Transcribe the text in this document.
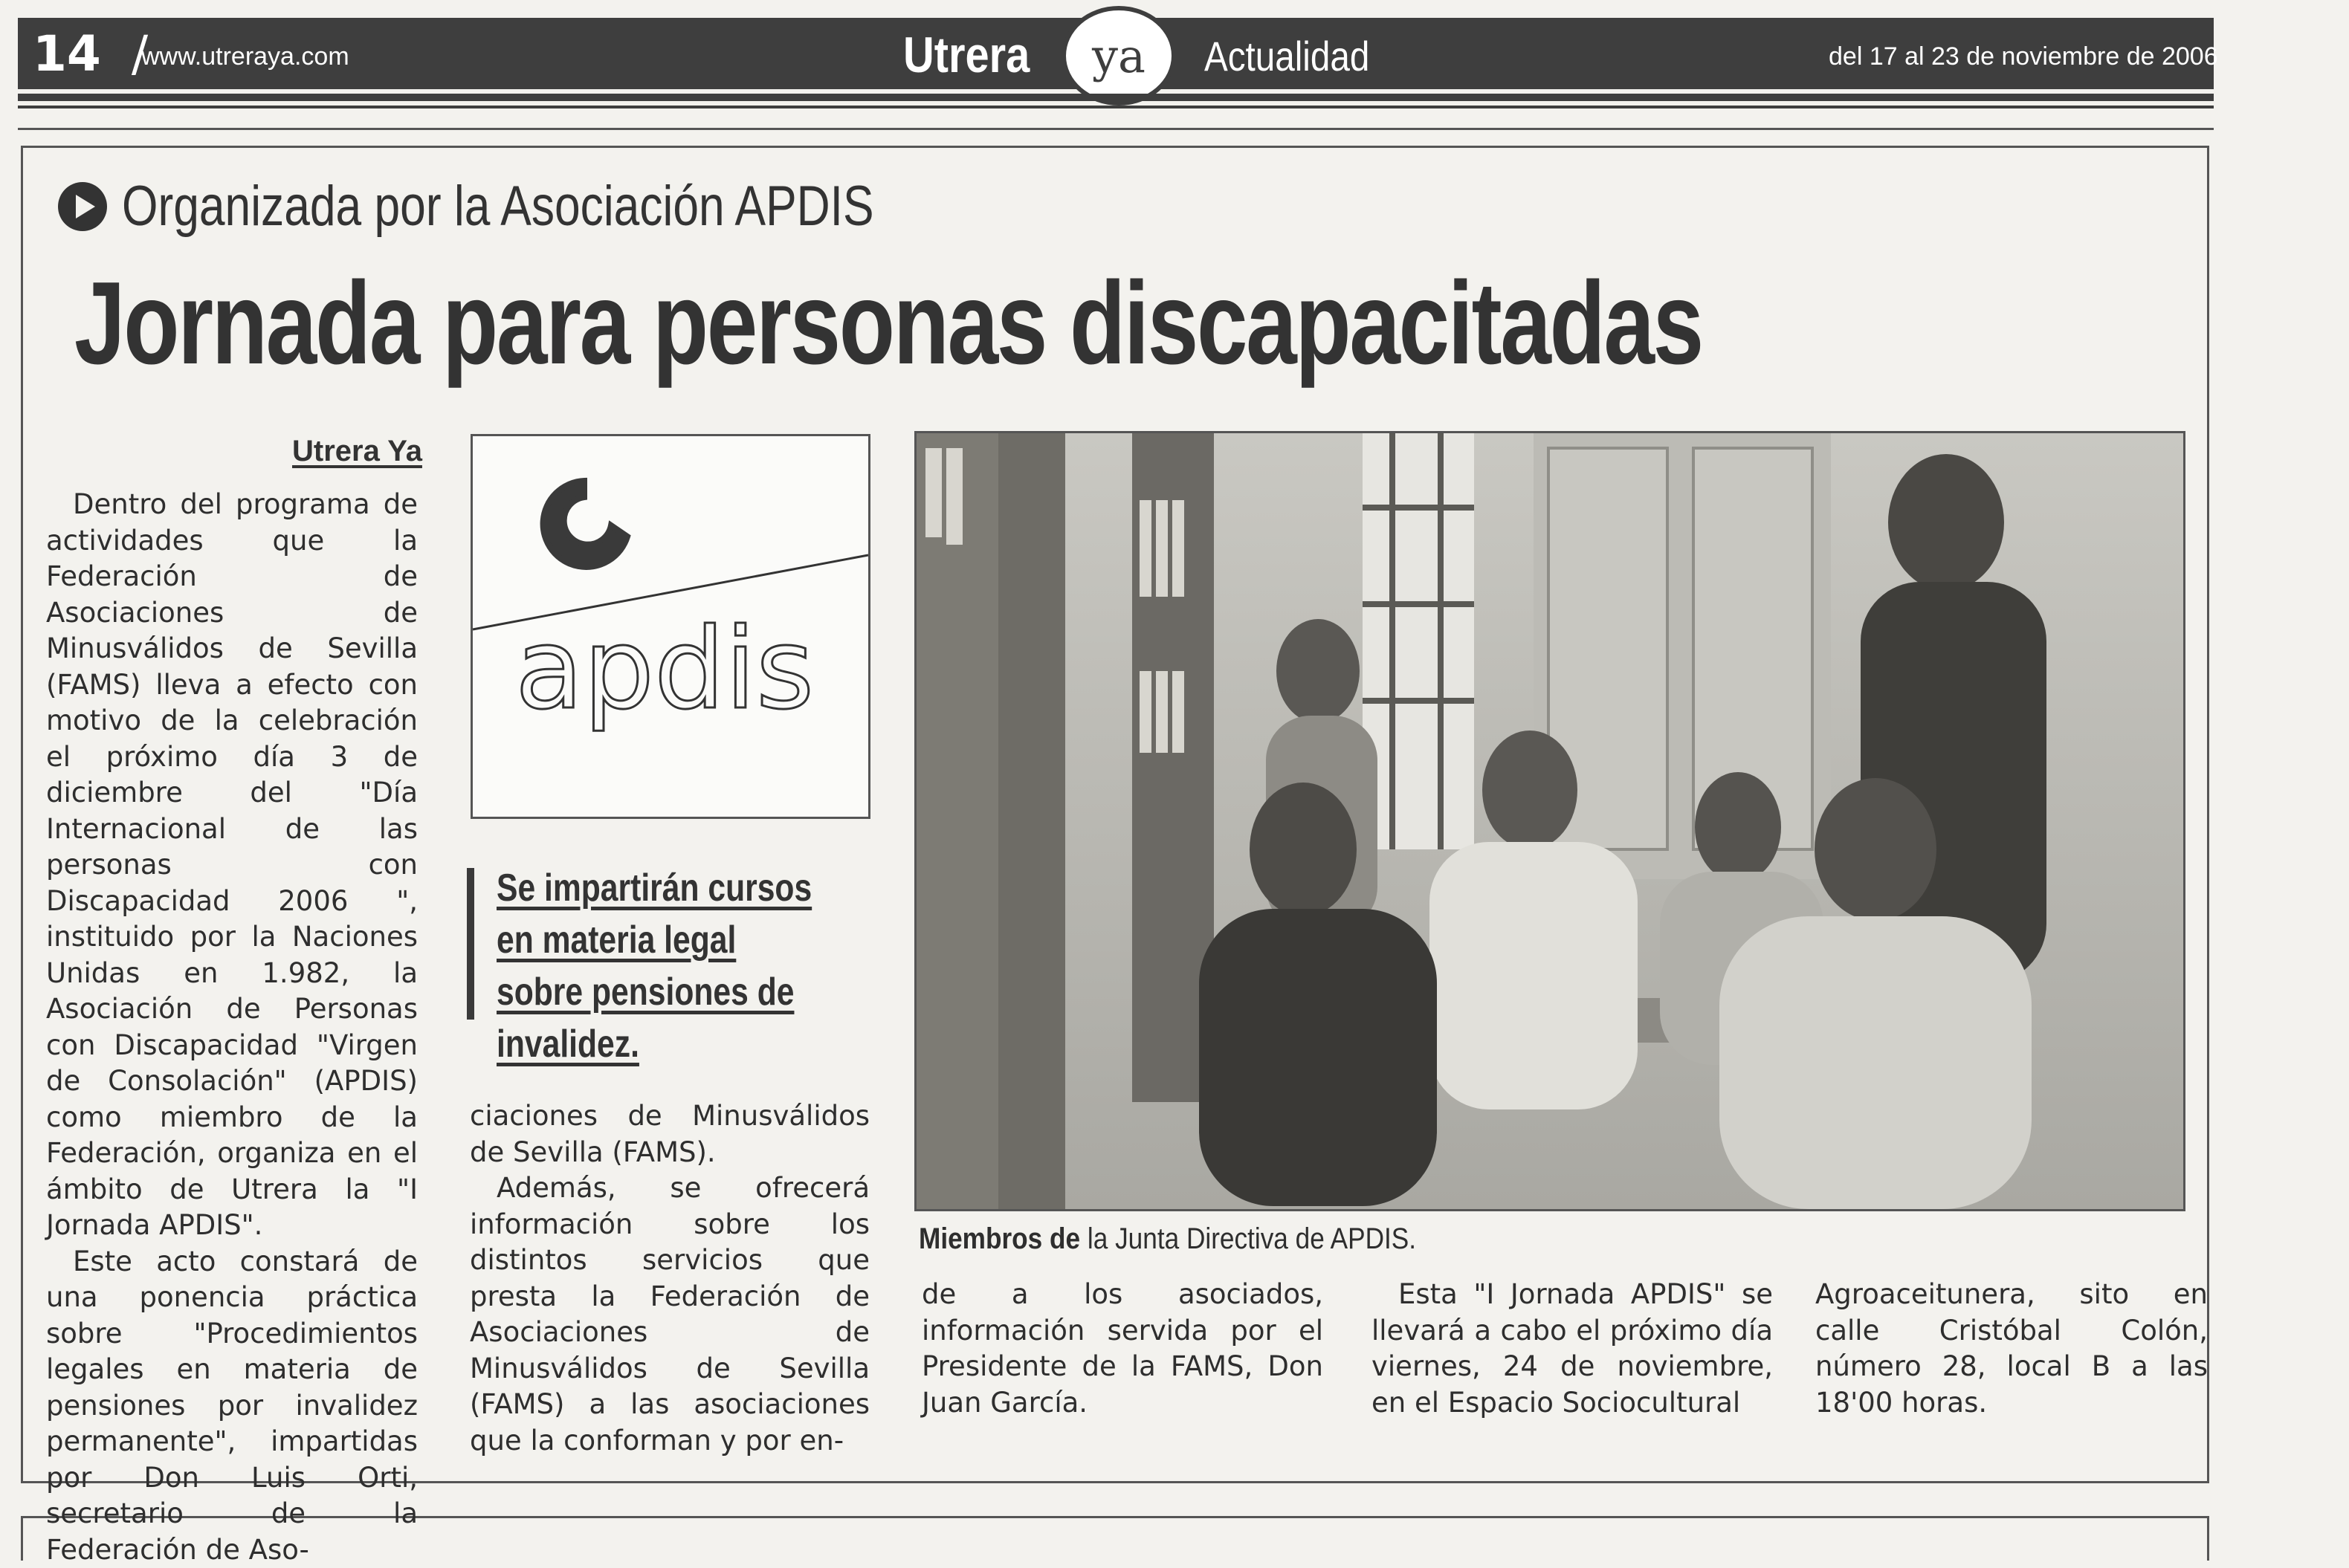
14 /
www.utreraya.com	Utrera ya Actualidad	del 17 al 23 de noviembre de 2006
Organizada por la Asociación APDIS
Jornada para personas discapacitadas
Utrera Ya

Dentro del programa de actividades que la Federación de Asociaciones de Minusválidos de Sevilla (FAMS) lleva a efecto con motivo de la celebración el próximo día 3 de diciembre del "Día Internacional de las personas con Discapacidad 2006 ", instituido por la Naciones Unidas en 1.982, la Asociación de Personas con Discapacidad "Virgen de Consolación" (APDIS) como miembro de la Federación, organiza en el ámbito de Utrera la "I Jornada APDIS".

Este acto constará de una ponencia práctica sobre "Procedimientos legales en materia de pensiones por invalidez permanente", impartidas por Don Luis Orti, secretario de la Federación de Aso-

apdis
Se impartirán cursos en materia legal sobre pensiones de invalidez.

ciaciones de Minusválidos de Sevilla (FAMS).

Además, se ofrecerá información sobre los distintos servicios que presta la Federación de Asociaciones de Minusválidos de Sevilla (FAMS) a las asociaciones que la conforman y por en-

Miembros de la Junta Directiva de APDIS.

de a los asociados, información servida por el Presidente de la FAMS, Don Juan García.

Esta "I Jornada APDIS" se llevará a cabo el próximo día viernes, 24 de noviembre, en el Espacio Sociocultural

Agroaceitunera, sito en calle Cristóbal Colón, número 28, local B a las 18'00 horas.
